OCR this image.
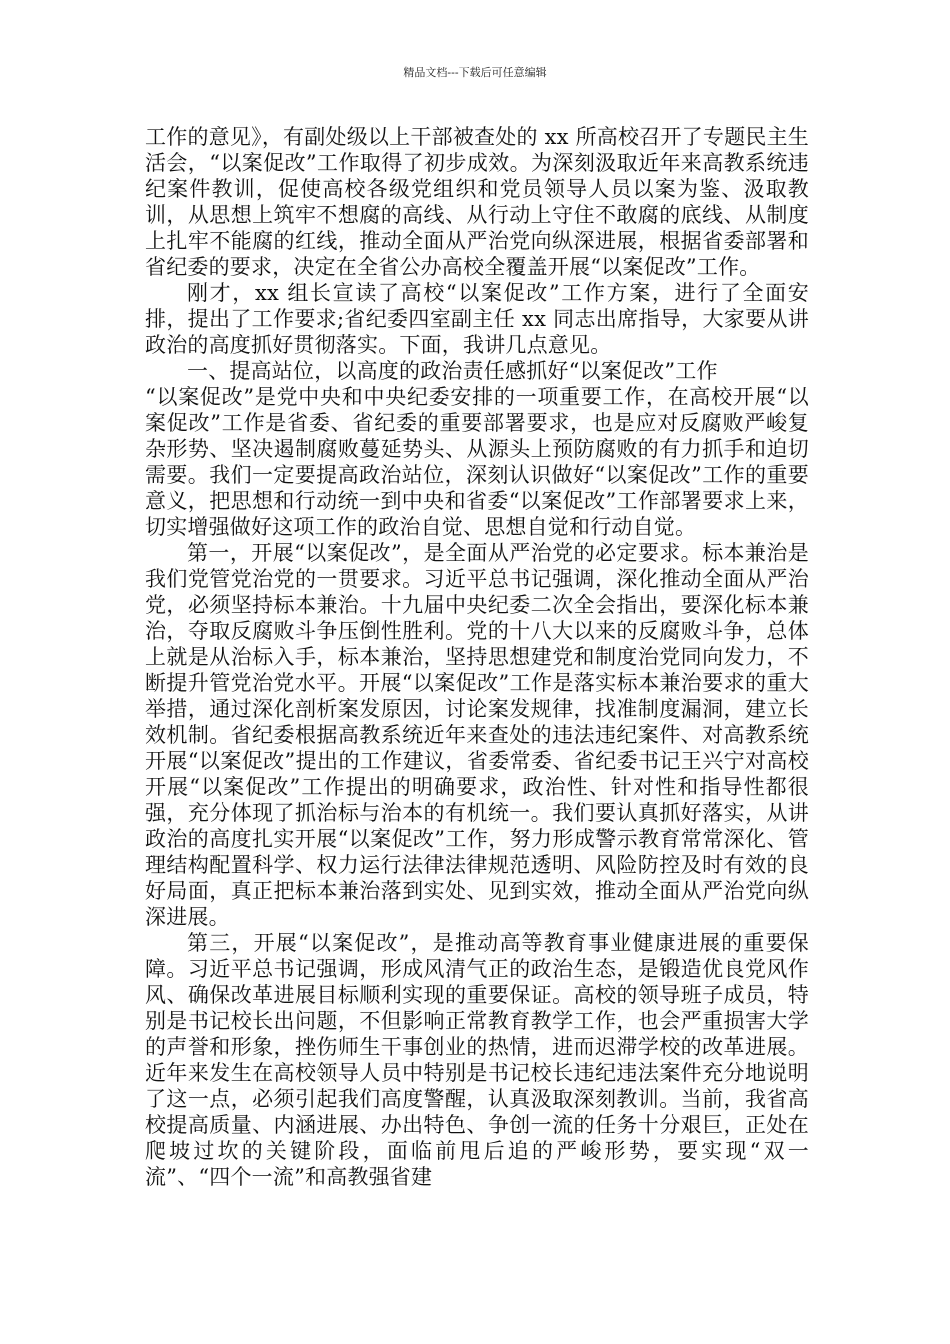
精品文档---下载后可任意编辑

工作的意见》，有副处级以上干部被查处的 xx 所高校召开了专题民主生活会，“以案促改”工作取得了初步成效。为深刻汲取近年来高教系统违纪案件教训，促使高校各级党组织和党员领导人员以案为鉴、汲取教训，从思想上筑牢不想腐的高线、从行动上守住不敢腐的底线、从制度上扎牢不能腐的红线，推动全面从严治党向纵深进展，根据省委部署和省纪委的要求，决定在全省公办高校全覆盖开展“以案促改”工作。

刚才，xx 组长宣读了高校“以案促改”工作方案，进行了全面安排，提出了工作要求;省纪委四室副主任 xx 同志出席指导，大家要从讲政治的高度抓好贯彻落实。下面，我讲几点意见。

一、提高站位，以高度的政治责任感抓好“以案促改”工作

“以案促改”是党中央和中央纪委安排的一项重要工作，在高校开展“以案促改”工作是省委、省纪委的重要部署要求，也是应对反腐败严峻复杂形势、坚决遏制腐败蔓延势头、从源头上预防腐败的有力抓手和迫切需要。我们一定要提高政治站位，深刻认识做好“以案促改”工作的重要意义，把思想和行动统一到中央和省委“以案促改”工作部署要求上来，切实增强做好这项工作的政治自觉、思想自觉和行动自觉。

第一，开展“以案促改”，是全面从严治党的必定要求。标本兼治是我们党管党治党的一贯要求。习近平总书记强调，深化推动全面从严治党，必须坚持标本兼治。十九届中央纪委二次全会指出，要深化标本兼治，夺取反腐败斗争压倒性胜利。党的十八大以来的反腐败斗争，总体上就是从治标入手，标本兼治，坚持思想建党和制度治党同向发力，不断提升管党治党水平。开展“以案促改”工作是落实标本兼治要求的重大举措，通过深化剖析案发原因，讨论案发规律，找准制度漏洞，建立长效机制。省纪委根据高教系统近年来查处的违法违纪案件、对高教系统开展“以案促改”提出的工作建议，省委常委、省纪委书记王兴宁对高校开展“以案促改”工作提出的明确要求，政治性、针对性和指导性都很强，充分体现了抓治标与治本的有机统一。我们要认真抓好落实，从讲政治的高度扎实开展“以案促改”工作，努力形成警示教育常常深化、管理结构配置科学、权力运行法律法律规范透明、风险防控及时有效的良好局面，真正把标本兼治落到实处、见到实效，推动全面从严治党向纵深进展。

第三，开展“以案促改”，是推动高等教育事业健康进展的重要保障。习近平总书记强调，形成风清气正的政治生态，是锻造优良党风作风、确保改革进展目标顺利实现的重要保证。高校的领导班子成员，特别是书记校长出问题，不但影响正常教育教学工作，也会严重损害大学的声誉和形象，挫伤师生干事创业的热情，进而迟滞学校的改革进展。近年来发生在高校领导人员中特别是书记校长违纪违法案件充分地说明了这一点，必须引起我们高度警醒，认真汲取深刻教训。当前，我省高校提高质量、内涵进展、办出特色、争创一流的任务十分艰巨，正处在爬坡过坎的关键阶段，面临前甩后追的严峻形势，要实现“双一流”、“四个一流”和高教强省建
